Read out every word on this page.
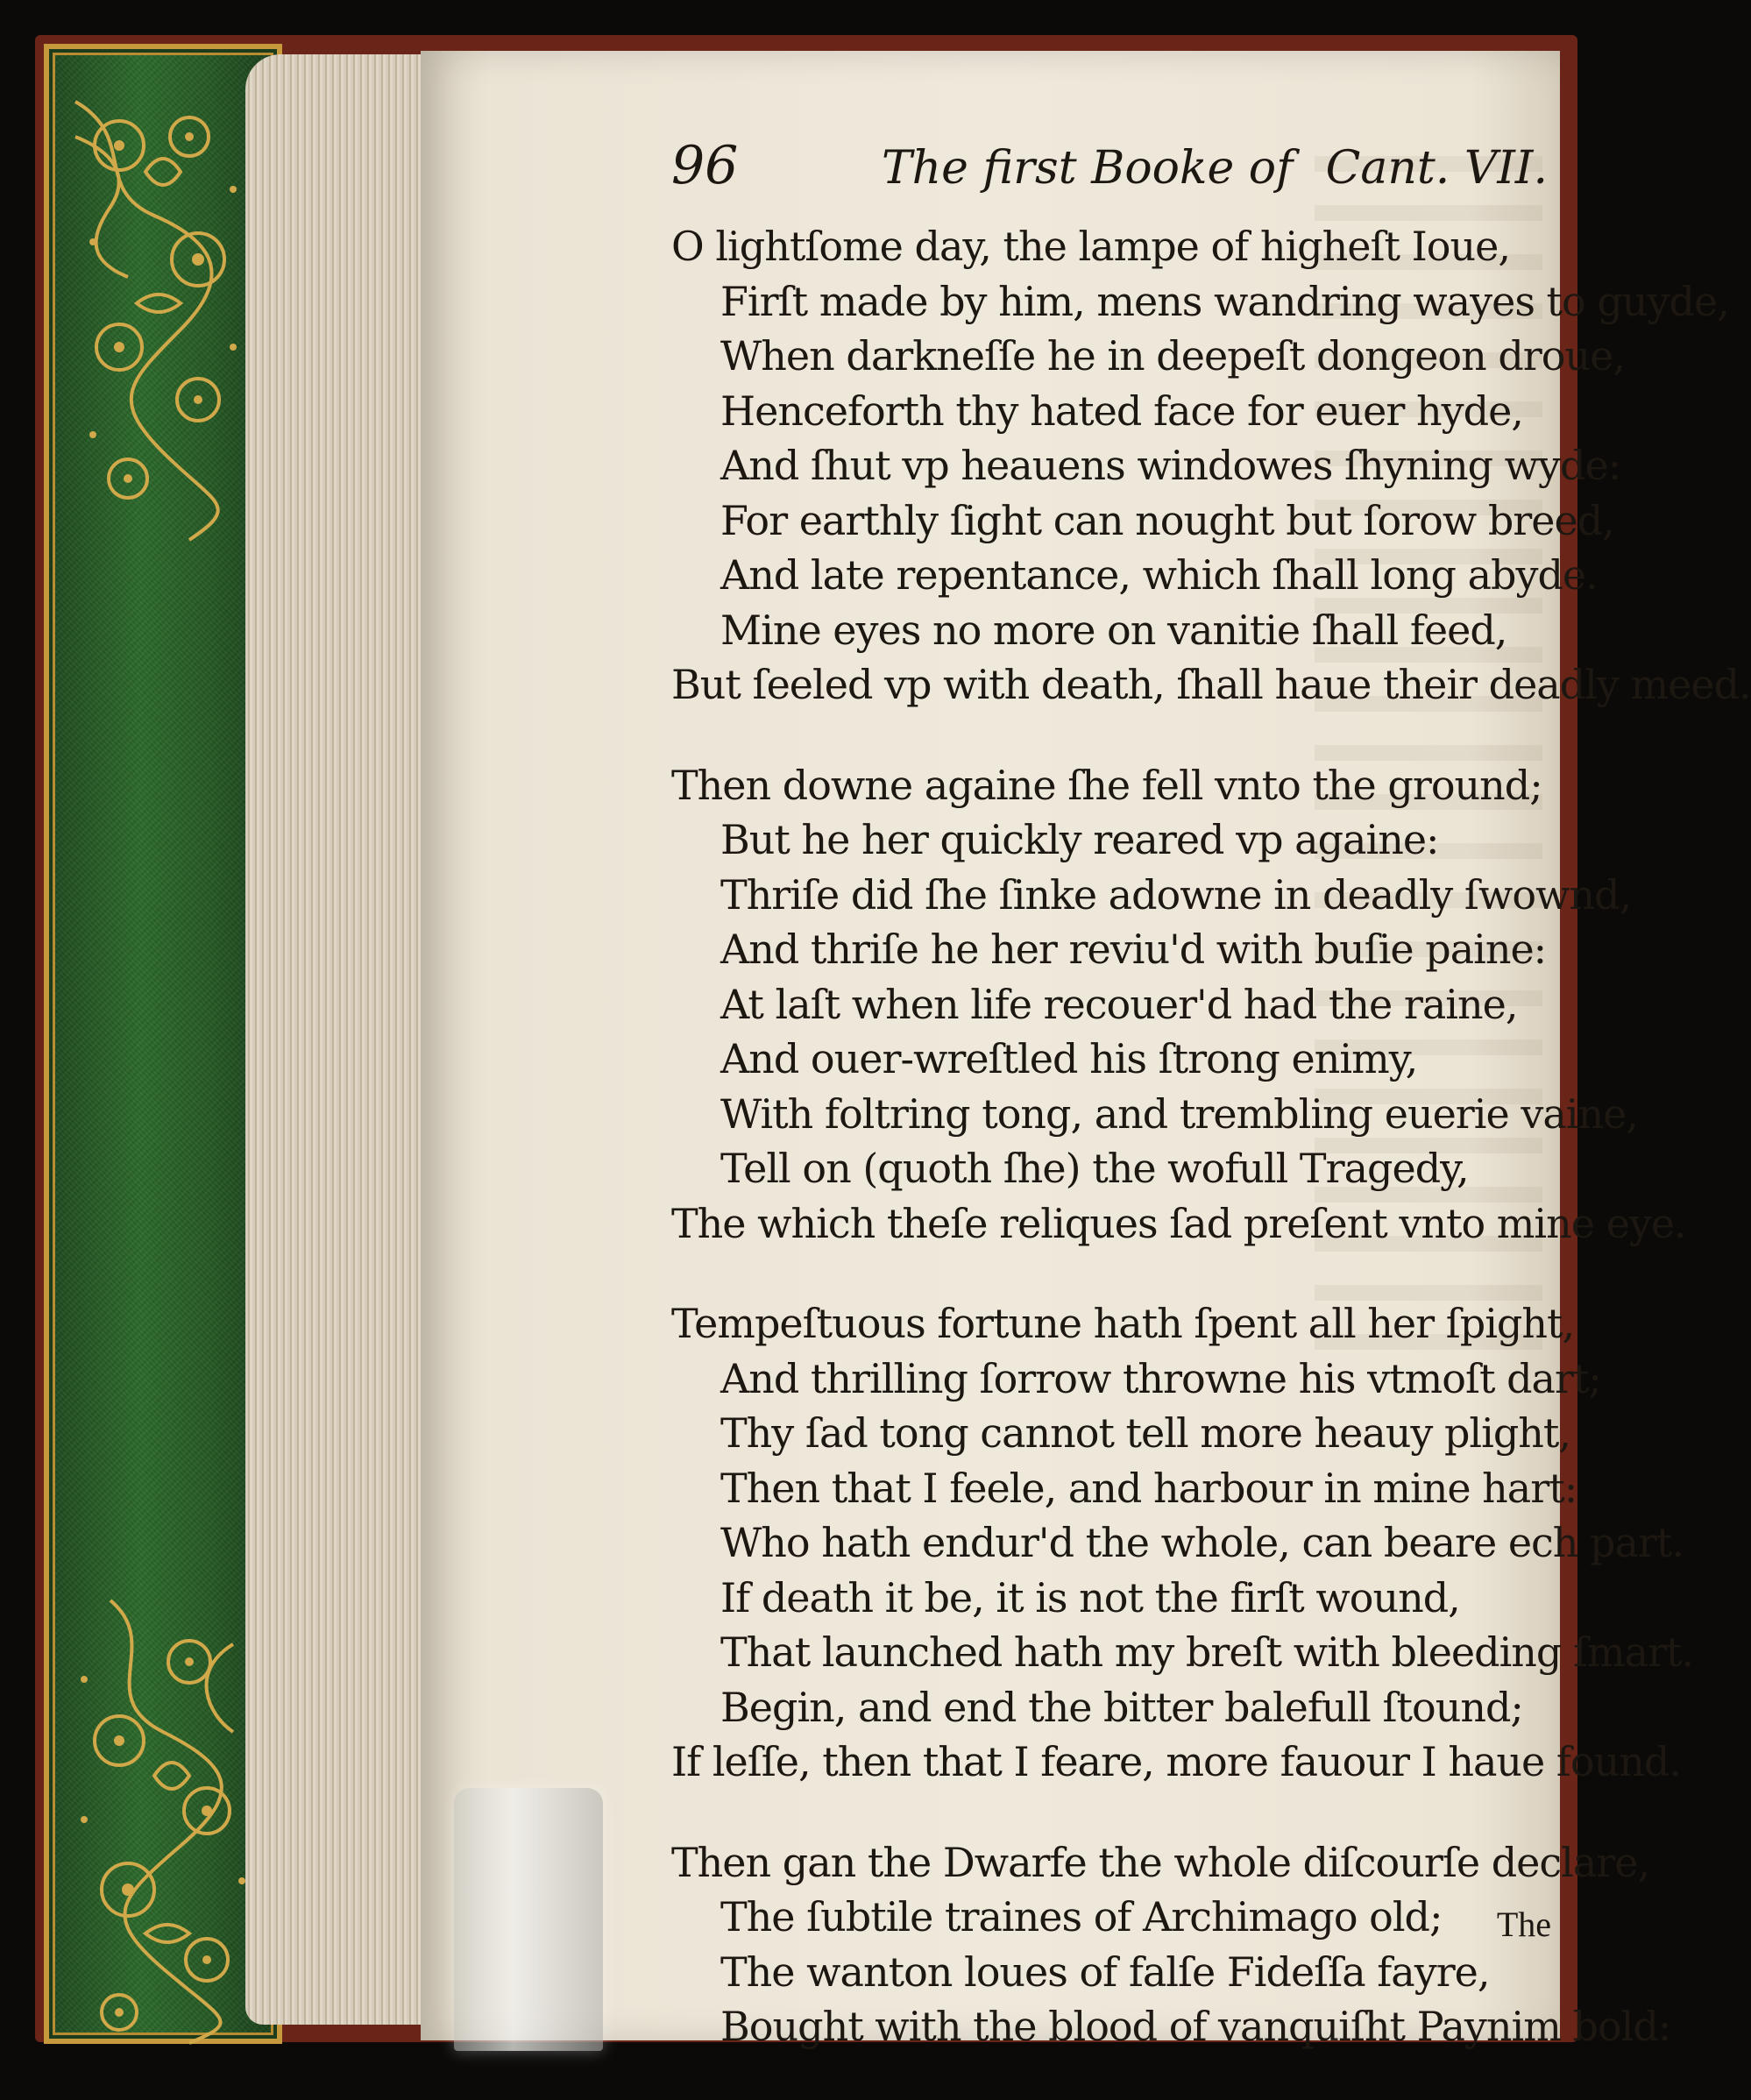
96	The first Booke of Cant. VII.
O lightſome day, the lampe of higheſt Ioue,
Firſt made by him, mens wandring wayes to guyde,
When darkneſſe he in deepeſt dongeon droue,
Henceforth thy hated face for euer hyde,
And ſhut vp heauens windowes ſhyning wyde:
For earthly ſight can nought but ſorow breed,
And late repentance, which ſhall long abyde.
Mine eyes no more on vanitie ſhall feed,
But ſeeled vp with death, ſhall haue their deadly meed.
Then downe againe ſhe fell vnto the ground;
But he her quickly reared vp againe:
Thriſe did ſhe ſinke adowne in deadly ſwownd,
And thriſe he her reviu'd with buſie paine:
At laſt when life recouer'd had the raine,
And ouer-wreſtled his ſtrong enimy,
With foltring tong, and trembling euerie vaine,
Tell on (quoth ſhe) the wofull Tragedy,
The which theſe reliques ſad preſent vnto mine eye.
Tempeſtuous fortune hath ſpent all her ſpight,
And thrilling ſorrow throwne his vtmoſt dart;
Thy ſad tong cannot tell more heauy plight,
Then that I feele, and harbour in mine hart:
Who hath endur'd the whole, can beare ech part.
If death it be, it is not the firſt wound,
That launched hath my breſt with bleeding ſmart.
Begin, and end the bitter balefull ſtound;
If leſſe, then that I feare, more fauour I haue found.
Then gan the Dwarfe the whole diſcourſe declare,
The ſubtile traines of Archimago old;
The wanton loues of falſe Fideſſa fayre,
Bought with the blood of vanquiſht Paynim bold:
The
